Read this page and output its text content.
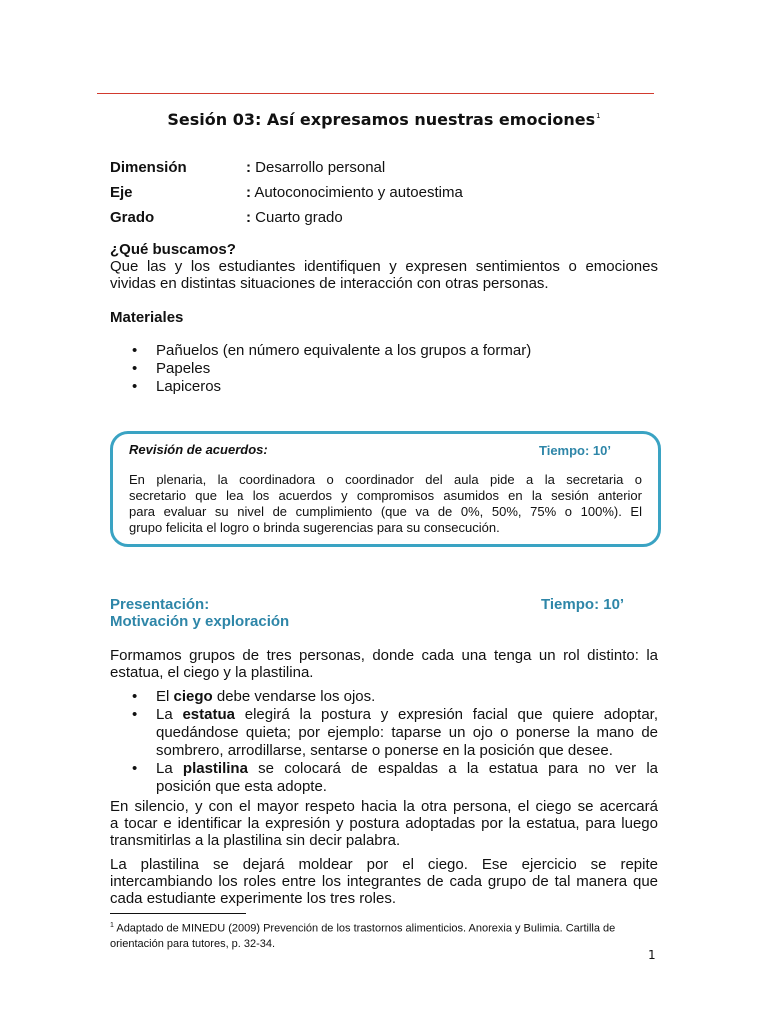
Sesión 03: Así expresamos nuestras emociones$^1$
Dimensión	: Desarrollo personal
Eje	: Autoconocimiento y autoestima
Grado	: Cuarto grado
¿Qué buscamos?
Que las y los estudiantes identifiquen y expresen sentimientos o emociones
vividas en distintas situaciones de interacción con otras personas.
Materiales
• Pañuelos (en número equivalente a los grupos a formar)
• Papeles
• Lapiceros
Revisión de acuerdos:	Tiempo: 10’
En plenaria, la coordinadora o coordinador del aula pide a la secretaria o
secretario que lea los acuerdos y compromisos asumidos en la sesión anterior
para evaluar su nivel de cumplimiento (que va de 0%, 50%, 75% o 100%). El
grupo felicita el logro o brinda sugerencias para su consecución.
Presentación:	Tiempo: 10’
Motivación y exploración
Formamos grupos de tres personas, donde cada una tenga un rol distinto: la
estatua, el ciego y la plastilina.
• El ciego debe vendarse los ojos.
• La estatua elegirá la postura y expresión facial que quiere adoptar,
quedándose quieta; por ejemplo: taparse un ojo o ponerse la mano de
sombrero, arrodillarse, sentarse o ponerse en la posición que desee.
• La plastilina se colocará de espaldas a la estatua para no ver la
posición que esta adopte.
En silencio, y con el mayor respeto hacia la otra persona, el ciego se acercará
a tocar e identificar la expresión y postura adoptadas por la estatua, para luego
transmitirlas a la plastilina sin decir palabra.
La plastilina se dejará moldear por el ciego. Ese ejercicio se repite
intercambiando los roles entre los integrantes de cada grupo de tal manera que
cada estudiante experimente los tres roles.
$^1$ Adaptado de MINEDU (2009) Prevención de los trastornos alimenticios. Anorexia y Bulimia. Cartilla de
orientación para tutores, p. 32-34.
1
